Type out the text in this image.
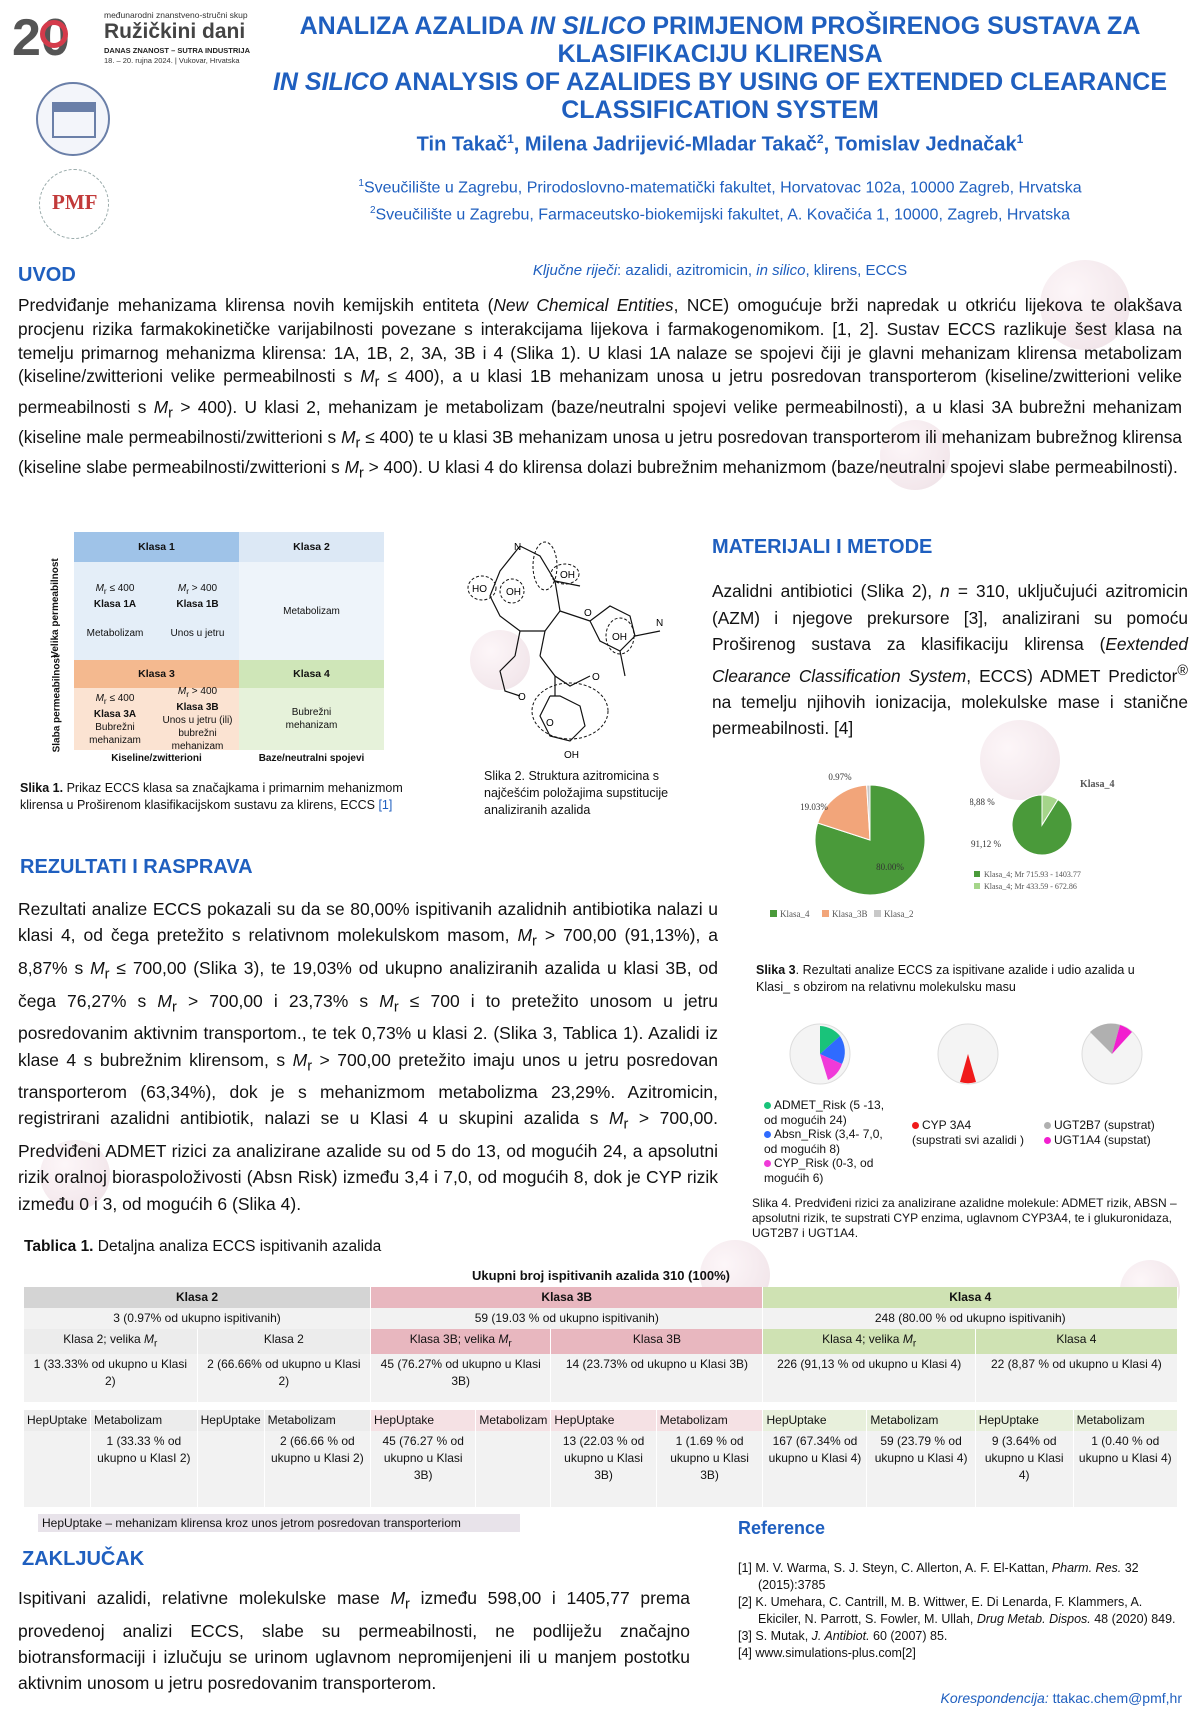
20	međunarodni znanstveno-stručni skup
Ružičkini dani
DANAS ZNANOST – SUTRA INDUSTRIJA
18. – 20. rujna 2024. | Vukovar, Hrvatska
PMF
ANALIZA AZALIDA IN SILICO PRIMJENOM PROŠIRENOG SUSTAVA ZA KLASIFIKACIJU KLIRENSA
IN SILICO ANALYSIS OF AZALIDES BY USING OF EXTENDED CLEARANCE CLASSIFICATION SYSTEM
Tin Takač$^1$, Milena Jadrijević-Mladar Takač$^2$, Tomislav Jednačak$^1$
$^1$Sveučilište u Zagrebu, Prirodoslovno-matematički fakultet, Horvatovac 102a, 10000 Zagreb, Hrvatska
$^2$Sveučilište u Zagrebu, Farmaceutsko-biokemijski fakultet, A. Kovačića 1, 10000, Zagreb, Hrvatska
UVOD	Ključne riječi: azalidi, azitromicin, in silico, klirens, ECCS
Predviđanje mehanizama klirensa novih kemijskih entiteta (New Chemical Entities, NCE) omogućuje brži napredak u otkriću lijekova te olakšava procjenu rizika farmakokinetičke varijabilnosti povezane s interakcijama lijekova i farmakogenomikom. [1, 2]. Sustav ECCS razlikuje šest klasa na temelju primarnog mehanizma klirensa: 1A, 1B, 2, 3A, 3B i 4 (Slika 1). U klasi 1A nalaze se spojevi čiji je glavni mehanizam klirensa metabolizam (kiseline/zwitterioni velike permeabilnosti s $M_r \le 400$), a u klasi 1B mehanizam unosa u jetru posredovan transporterom (kiseline/zwitterioni velike permeabilnosti s $M_r > 400$). U klasi 2, mehanizam je metabolizam (baze/neutralni spojevi velike permeabilnosti), a u klasi 3A bubrežni mehanizam (kiseline male permeabilnosti/zwitterioni s $M_r \le 400$) te u klasi 3B mehanizam unosa u jetru posredovan transporterom ili mehanizam bubrežnog klirensa (kiseline slabe permeabilnosti/zwitterioni s $M_r > 400$). U klasi 4 do klirensa dolazi bubrežnim mehanizmom (baze/neutralni spojevi slabe permeabilnosti).
Klasa 1	Klasa 2
$M_r \le 400$
Klasa 1A
Metabolizam
$M_r > 400$
Klasa 1B
Unos u jetru
Metabolizam
Klasa 3	Klasa 4
$M_r \le 400$
Klasa 3A
Bubrežni
mehanizam
$M_r > 400$
Klasa 3B
Unos u jetru (ili)
bubrežni
mehanizam
Bubrežni
mehanizam
Velika permeabilnost
Slaba permeabilnost
Kiseline/zwitterioni	Baze/neutralni spojevi
Slika 1. Prikaz ECCS klasa sa značajkama i primarnim mehanizmom klirensa u Proširenom klasifikacijskom sustavu za klirens, ECCS [1]
HO OH
OH
OH
OH
N
N
O
O
O
O
Slika 2. Struktura azitromicina s najčešćim položajima supstitucije analiziranih azalida
MATERIJALI I METODE
Azalidni antibiotici (Slika 2), n = 310, uključujući azitromicin (AZM) i njegove prekursore [3], analizirani su pomoću Proširenog sustava za klasifikaciju klirensa (Eextended Clearance Classification System, ECCS) ADMET Predictor® na temelju njihovih ionizacija, molekulske mase i stanične permeabilnosti. [4]
80.00%
19.03%
0.97%
Klasa_4	Klasa_3B Klasa_2
Klasa_4
91,12 %
8,88 %
Klasa_4; Mr 715.93 - 1403.77
Klasa_4; Mr 433.59 - 672.86
Slika 3. Rezultati analize ECCS za ispitivane azalide i udio azalida u Klasi_ s obzirom na relativnu molekulsku masu
ADMET_Risk (5 -13,
od mogućih 24)
Absn_Risk (3,4- 7,0,
od mogućih 8)
CYP_Risk (0-3, od
mogućih 6)
CYP 3A4
(supstrati svi azalidi )
UGT2B7 (supstrat)
UGT1A4 (supstat)
Slika 4. Predviđeni rizici za analizirane azalidne molekule: ADMET rizik, ABSN – apsolutni rizik, te supstrati CYP enzima, uglavnom CYP3A4, te i glukuronidaza, UGT2B7 i UGT1A4.
REZULTATI I RASPRAVA
Rezultati analize ECCS pokazali su da se 80,00% ispitivanih azalidnih antibiotika nalazi u klasi 4, od čega pretežito s relativnom molekulskom masom, $M_r > 700,00$ (91,13%), a 8,87% s $M_r \le 700,00$ (Slika 3), te 19,03% od ukupno analiziranih azalida u klasi 3B, od čega 76,27% s $M_r > 700,00$ i 23,73% s $M_r \le 700$ i to pretežito unosom u jetru posredovanim aktivnim transportom., te tek 0,73% u klasi 2. (Slika 3, Tablica 1). Azalidi iz klase 4 s bubrežnim klirensom, s $M_r > 700,00$ pretežito imaju unos u jetru posredovan transporterom (63,34%), dok je s mehanizmom metabolizma 23,29%. Azitromicin, registrirani azalidni antibiotik, nalazi se u Klasi 4 u skupini azalida s $M_r > 700,00$. Predviđeni ADMET rizici za analizirane azalide su od 5 do 13, od mogućih 24, a apsolutni rizik oralnoj bioraspoloživosti (Absn Risk) između 3,4 i 7,0, od mogućih 8, dok je CYP rizik između 0 i 3, od mogućih 6 (Slika 4).
Tablica 1. Detaljna analiza ECCS ispitivanih azalida
Ukupni broj ispitivanih azalida 310 (100%)
Klasa 2				Klasa 3B				Klasa 4			
3 (0.97% od ukupno ispitivanih)				59 (19.03 % od ukupno ispitivanih)				248 (80.00 % od ukupno ispitivanih)			
Klasa 2; velika $M_r$		Klasa 2		Klasa 3B; velika $M_r$		Klasa 3B		Klasa 4; velika $M_r$		Klasa 4	
1 (33.33% od ukupno u Klasi 2)		2 (66.66% od ukupno u Klasi 2)		45 (76.27% od ukupno u Klasi 3B)		14 (23.73% od ukupno u Klasi 3B)		226 (91,13 % od ukupno u Klasi 4)		22 (8,87 % od ukupno u Klasi 4)	

HepUptake	Metabolizam	HepUptake	Metabolizam	HepUptake	Metabolizam	HepUptake	Metabolizam	HepUptake	Metabolizam	HepUptake	Metabolizam
	1 (33.33 % od ukupno u KlasI 2)		2 (66.66 % od ukupno u Klasi 2)	45 (76.27 % od ukupno u Klasi 3B)		13 (22.03 % od ukupno u Klasi 3B)	1 (1.69 % od ukupno u Klasi 3B)	167 (67.34% od ukupno u Klasi 4)	59 (23.79 % od ukupno u Klasi 4)	9 (3.64% od ukupno u Klasi 4)	1 (0.40 % od ukupno u Klasi 4)
HepUptake – mehanizam klirensa kroz unos jetrom posredovan transporteriom
ZAKLJUČAK
Ispitivani azalidi, relativne molekulske mase $M_r$ između 598,00 i 1405,77 prema provedenoj analizi ECCS, slabe su permeabilnosti, ne podliježu značajno biotransformaciji i izlučuju se urinom uglavnom nepromijenjeni ili u manjem postotku aktivnim unosom u jetru posredovanim transporterom.
Reference
[1] M. V. Warma, S. J. Steyn, C. Allerton, A. F. El-Kattan, Pharm. Res. 32 (2015):3785
[2] K. Umehara, C. Cantrill, M. B. Wittwer, E. Di Lenarda, F. Klammers, A. Ekiciler, N. Parrott, S. Fowler, M. Ullah, Drug Metab. Dispos. 48 (2020) 849.
[3] S. Mutak, J. Antibiot. 60 (2007) 85.
[4] www.simulations-plus.com[2]
Korespondencija: ttakac.chem@pmf,hr
